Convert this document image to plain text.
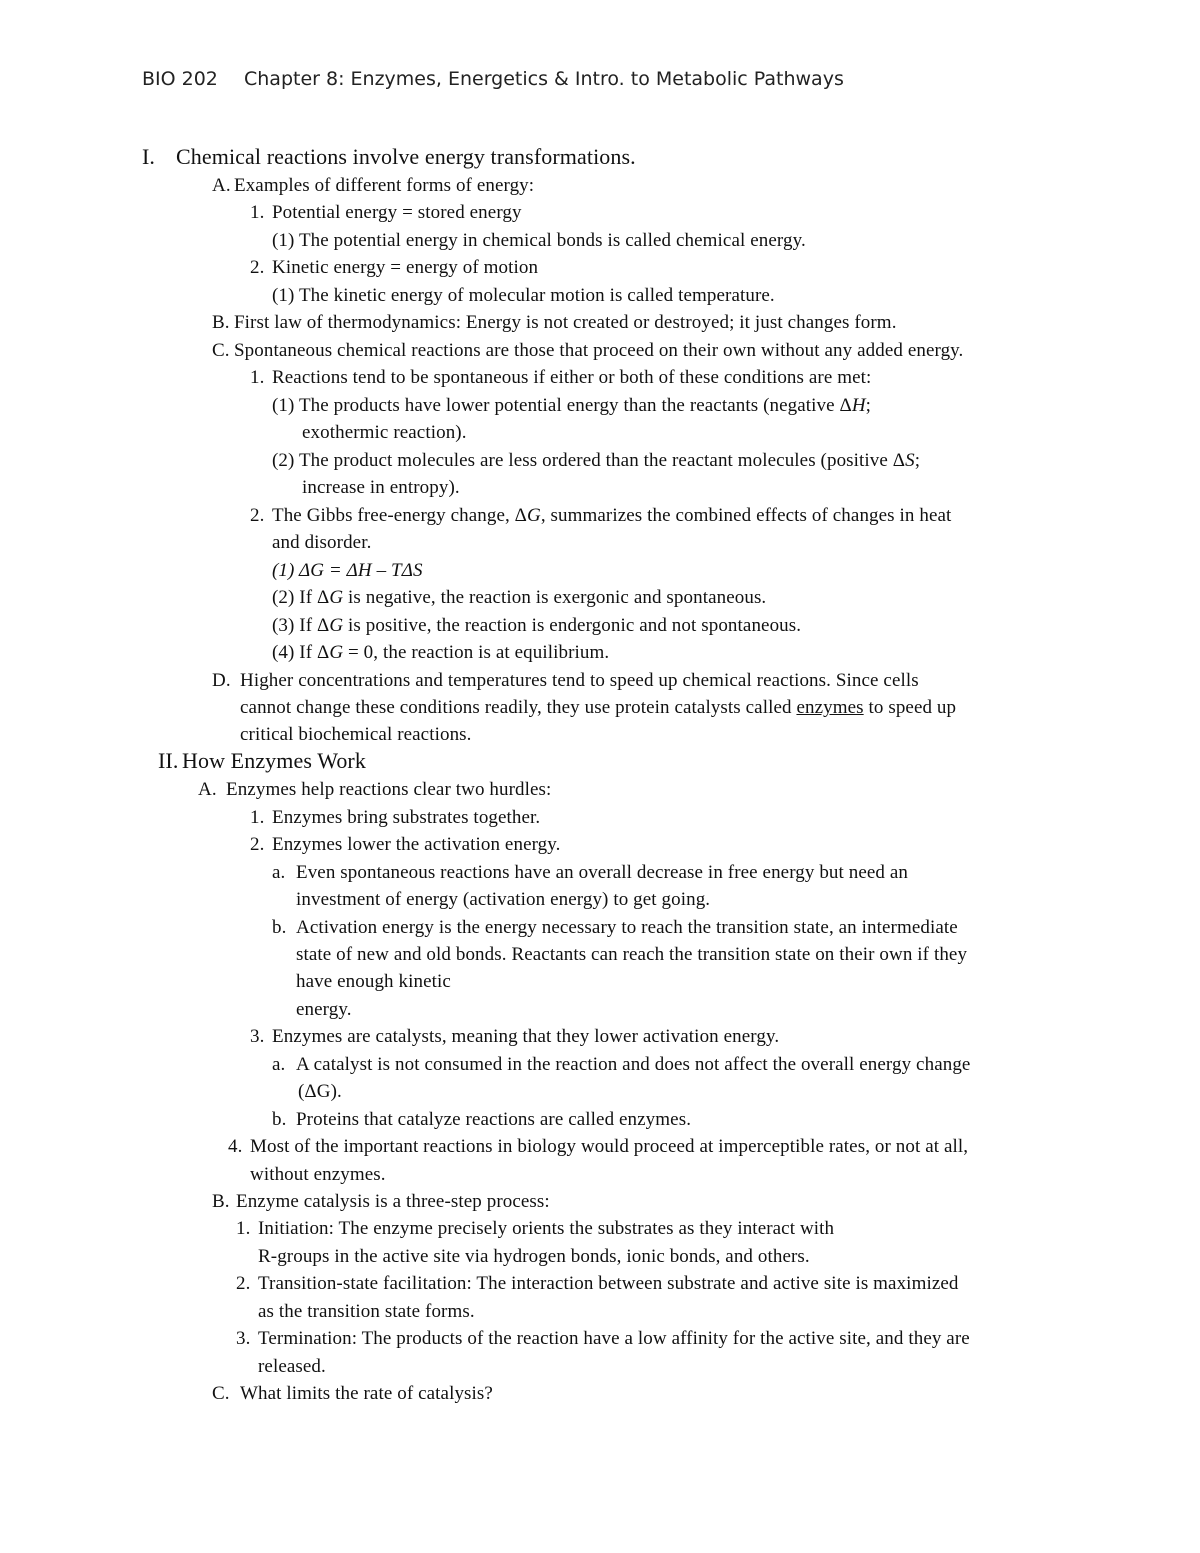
BIO 202 Chapter 8: Enzymes, Energetics & Intro. to Metabolic Pathways
I. Chemical reactions involve energy transformations.
A. Examples of different forms of energy:
1. Potential energy = stored energy
(1) The potential energy in chemical bonds is called chemical energy.
2. Kinetic energy = energy of motion
(1) The kinetic energy of molecular motion is called temperature.
B. First law of thermodynamics: Energy is not created or destroyed; it just changes form.
C. Spontaneous chemical reactions are those that proceed on their own without any added energy.
1. Reactions tend to be spontaneous if either or both of these conditions are met:
(1) The products have lower potential energy than the reactants (negative ΔH;
exothermic reaction).
(2) The product molecules are less ordered than the reactant molecules (positive ΔS;
increase in entropy).
2. The Gibbs free-energy change, ΔG, summarizes the combined effects of changes in heat
and disorder.
(1) ΔG = ΔH – TΔS
(2) If ΔG is negative, the reaction is exergonic and spontaneous.
(3) If ΔG is positive, the reaction is endergonic and not spontaneous.
(4) If ΔG = 0, the reaction is at equilibrium.
D. Higher concentrations and temperatures tend to speed up chemical reactions. Since cells
cannot change these conditions readily, they use protein catalysts called enzymes to speed up
critical biochemical reactions.
II. How Enzymes Work
A. Enzymes help reactions clear two hurdles:
1. Enzymes bring substrates together.
2. Enzymes lower the activation energy.
a. Even spontaneous reactions have an overall decrease in free energy but need an
investment of energy (activation energy) to get going.
b. Activation energy is the energy necessary to reach the transition state, an intermediate
state of new and old bonds. Reactants can reach the transition state on their own if they
have enough kinetic
energy.
3. Enzymes are catalysts, meaning that they lower activation energy.
a. A catalyst is not consumed in the reaction and does not affect the overall energy change
(ΔG).
b. Proteins that catalyze reactions are called enzymes.
4. Most of the important reactions in biology would proceed at imperceptible rates, or not at all,
without enzymes.
B. Enzyme catalysis is a three-step process:
1. Initiation: The enzyme precisely orients the substrates as they interact with
R-groups in the active site via hydrogen bonds, ionic bonds, and others.
2. Transition-state facilitation: The interaction between substrate and active site is maximized
as the transition state forms.
3. Termination: The products of the reaction have a low affinity for the active site, and they are
released.
C. What limits the rate of catalysis?
